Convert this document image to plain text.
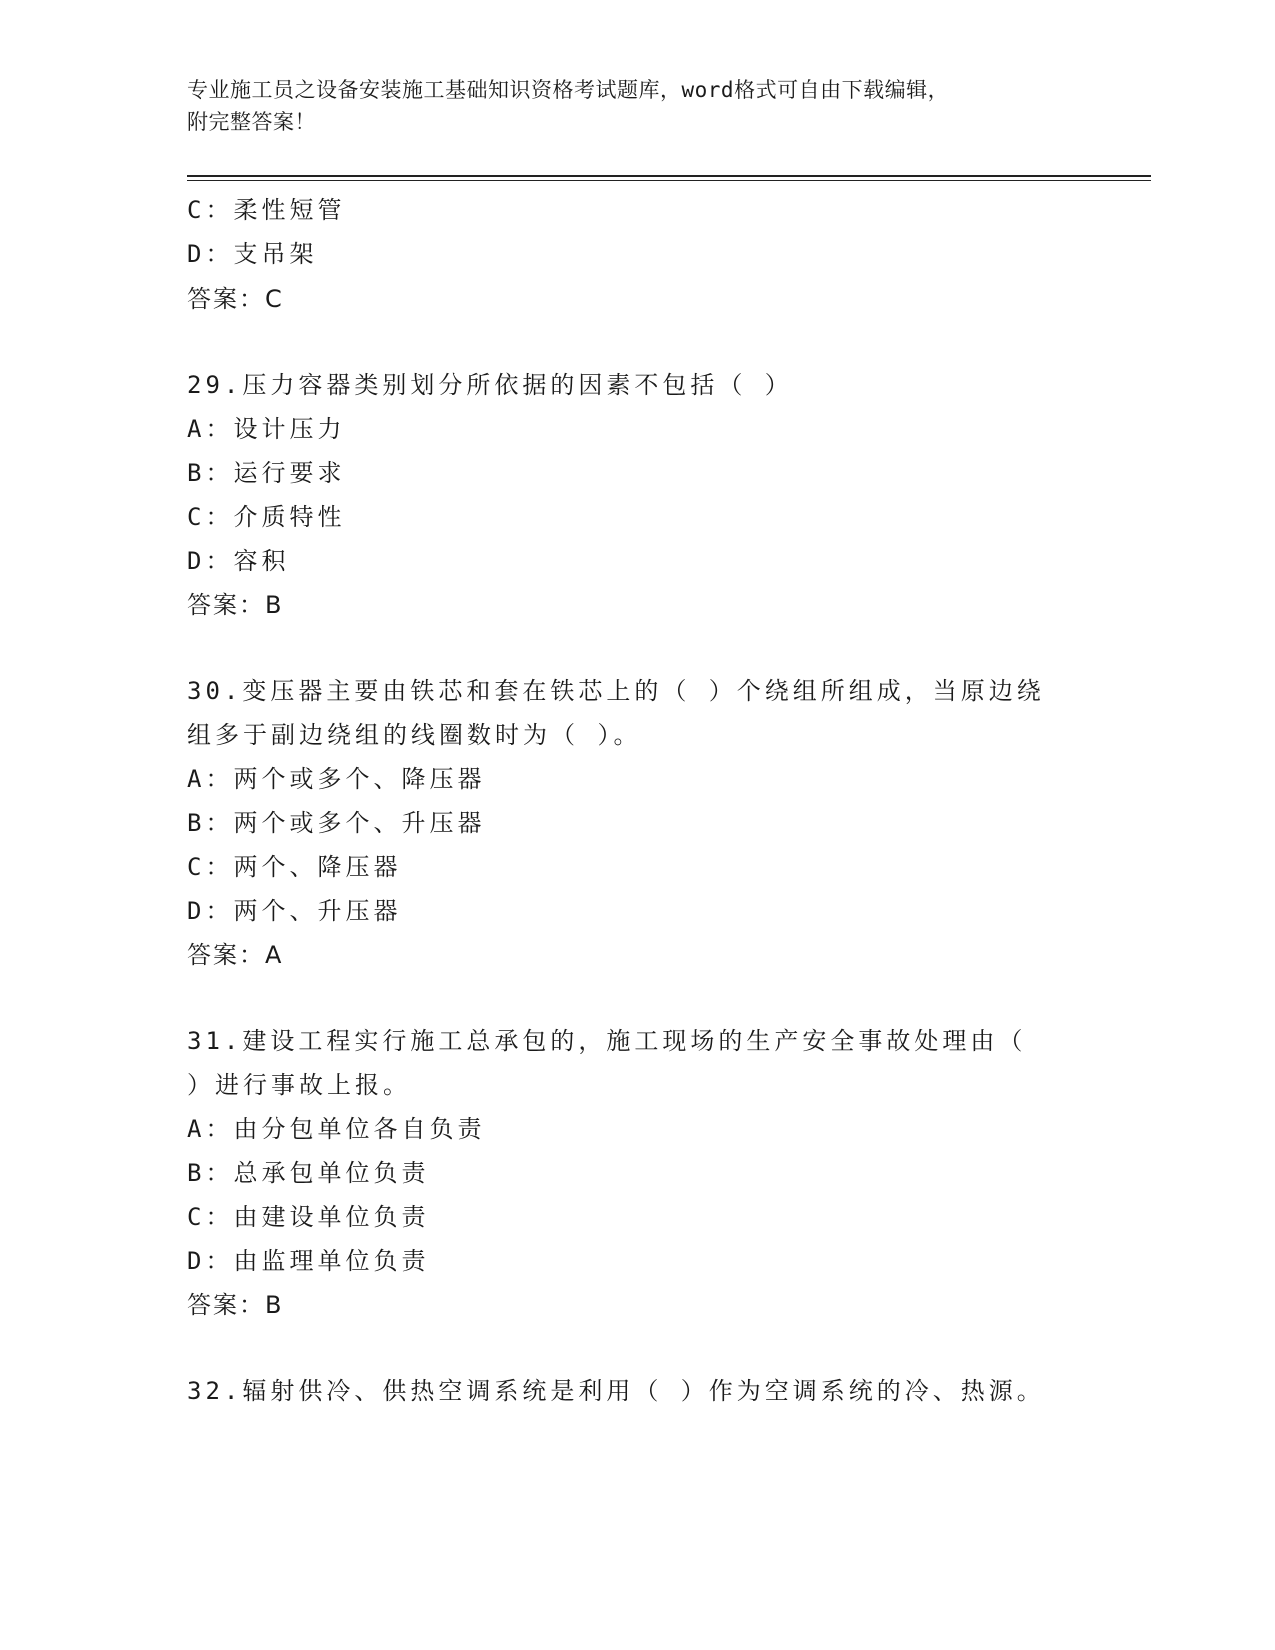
专业施工员之设备安装施工基础知识资格考试题库，word格式可自由下载编辑，
附完整答案！
C：柔性短管
D：支吊架
答案：C
29.压力容器类别划分所依据的因素不包括（ ）
A：设计压力
B：运行要求
C：介质特性
D：容积
答案：B
30.变压器主要由铁芯和套在铁芯上的（ ）个绕组所组成，当原边绕
组多于副边绕组的线圈数时为（ ）。
A：两个或多个、降压器
B：两个或多个、升压器
C：两个、降压器
D：两个、升压器
答案：A
31.建设工程实行施工总承包的，施工现场的生产安全事故处理由（
）进行事故上报。
A：由分包单位各自负责
B：总承包单位负责
C：由建设单位负责
D：由监理单位负责
答案：B
32.辐射供冷、供热空调系统是利用（ ）作为空调系统的冷、热源。
